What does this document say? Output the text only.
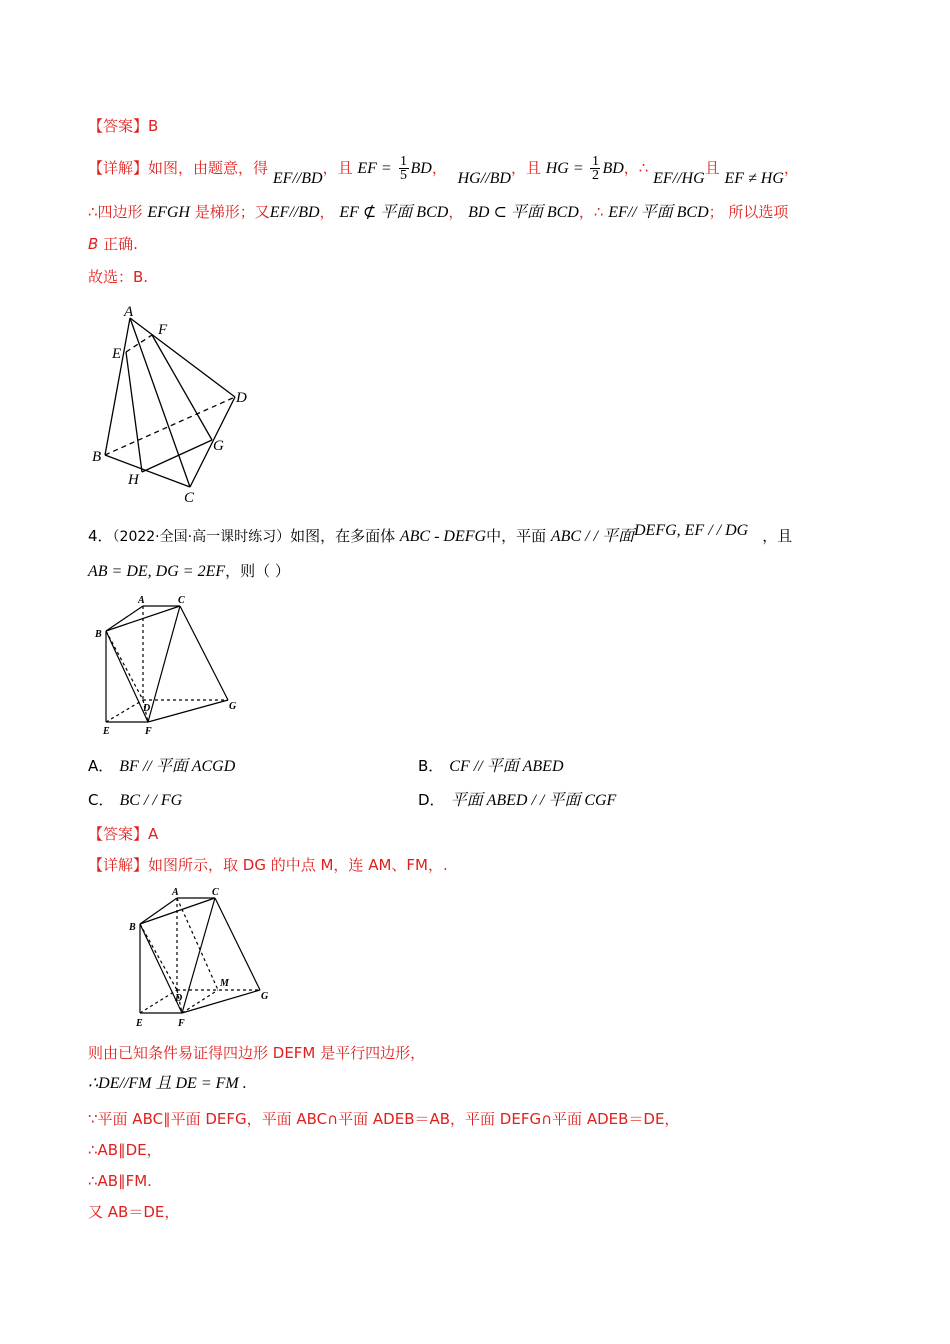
【答案】B
【详解】如图，由题意，得 EF//BD，且 EF = $\frac{1}{5}$ BD， HG//BD，且 HG = $\frac{1}{2}$ BD，∴ EF//HG且 EF ≠ HG，
∴四边形 EFGH 是梯形；又EF//BD， EF ⊄ 平面 BCD， BD ⊂ 平面 BCD，∴ EF// 平面 BCD； 所以选项
B 正确.
故选：B.
A
F
E
D
B
G
H
C
4．（2022·全国·高一课时练习）如图，在多面体 ABC - DEFG中，平面 ABC / / 平面DEFG, EF / / DG ，且
AB = DE, DG = 2EF，则（ ）
A	C
B
D	G
E	F
A． BF // 平面 ACGD	B． CF // 平面 ABED
C． BC / / FG	D． 平面 ABED / / 平面 CGF
【答案】A
【详解】如图所示，取 DG 的中点 M，连 AM、FM，.
A	C
B
M
D	G
E	F
则由已知条件易证得四边形 DEFM 是平行四边形，
∴DE//FM 且 DE = FM .
∵平面 ABC∥平面 DEFG，平面 ABC∩平面 ADEB＝AB，平面 DEFG∩平面 ADEB＝DE，
∴AB∥DE，
∴AB∥FM.
又 AB＝DE，
